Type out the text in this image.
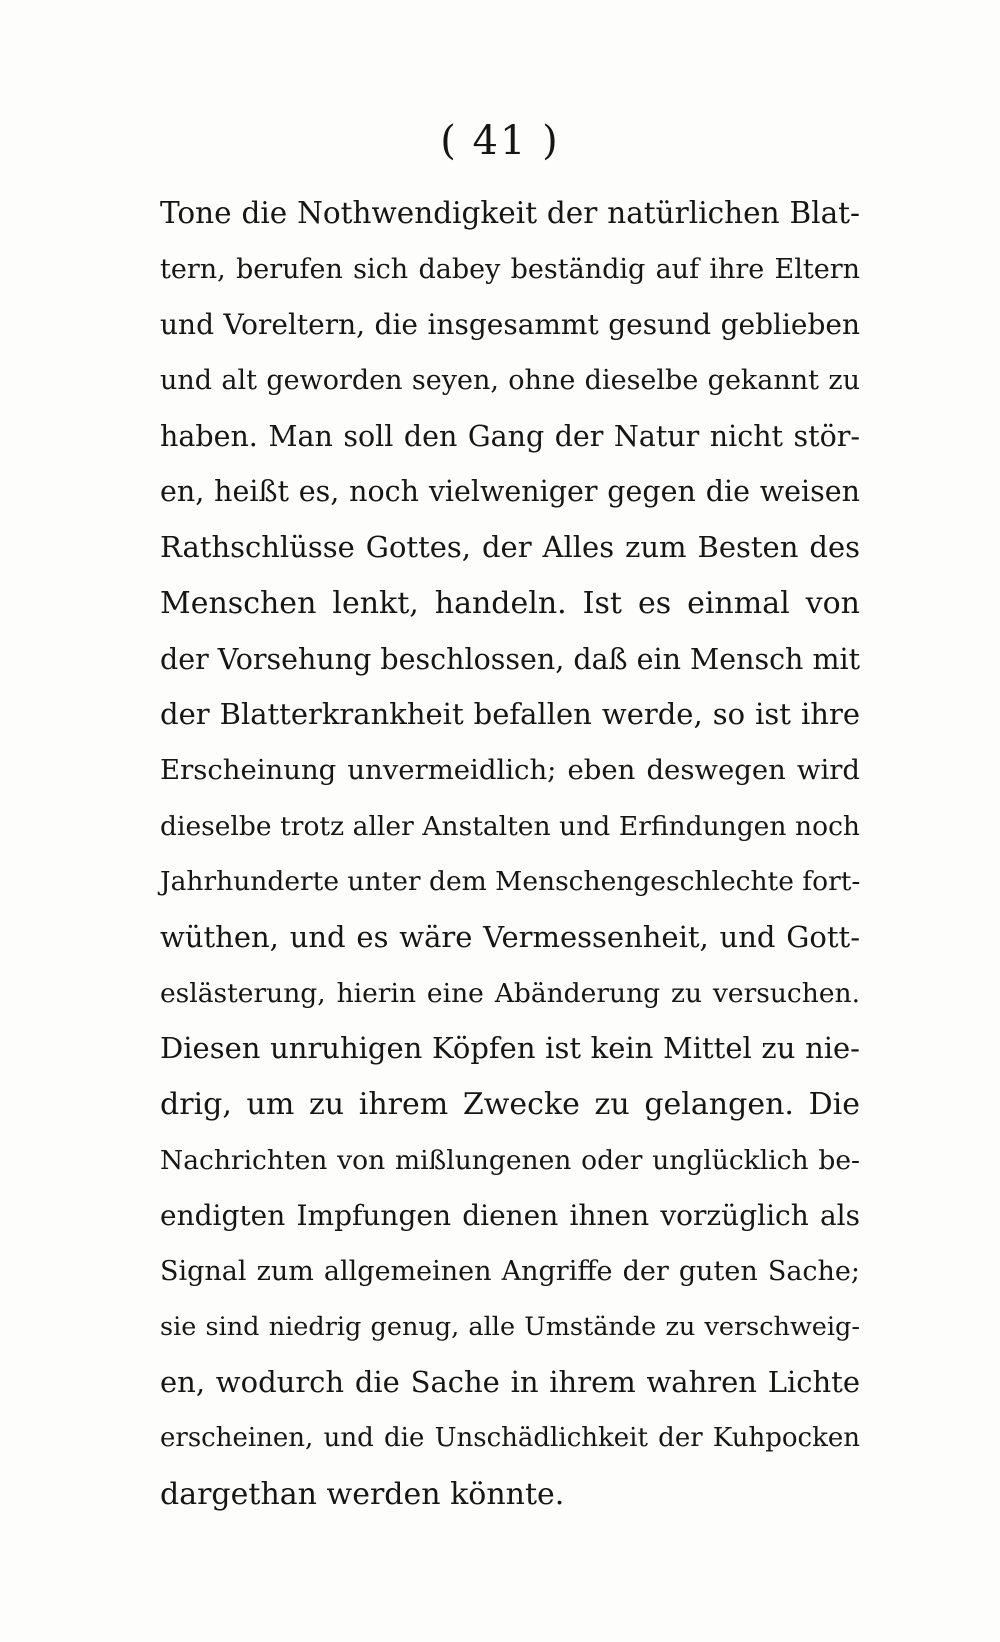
( 41 )
Tone die Nothwendigkeit der natürlichen Blat-
tern, berufen sich dabey beständig auf ihre Eltern
und Voreltern, die insgesammt gesund geblieben
und alt geworden seyen, ohne dieselbe gekannt zu
haben. Man soll den Gang der Natur nicht stör-
en, heißt es, noch vielweniger gegen die weisen
Rathschlüsse Gottes, der Alles zum Besten des
Menschen lenkt, handeln. Ist es einmal von
der Vorsehung beschlossen, daß ein Mensch mit
der Blatterkrankheit befallen werde, so ist ihre
Erscheinung unvermeidlich; eben deswegen wird
dieselbe trotz aller Anstalten und Erfindungen noch
Jahrhunderte unter dem Menschengeschlechte fort-
wüthen, und es wäre Vermessenheit, und Gott-
eslästerung, hierin eine Abänderung zu versuchen.
Diesen unruhigen Köpfen ist kein Mittel zu nie-
drig, um zu ihrem Zwecke zu gelangen. Die
Nachrichten von mißlungenen oder unglücklich be-
endigten Impfungen dienen ihnen vorzüglich als
Signal zum allgemeinen Angriffe der guten Sache;
sie sind niedrig genug, alle Umstände zu verschweig-
en, wodurch die Sache in ihrem wahren Lichte
erscheinen, und die Unschädlichkeit der Kuhpocken
dargethan werden könnte.
